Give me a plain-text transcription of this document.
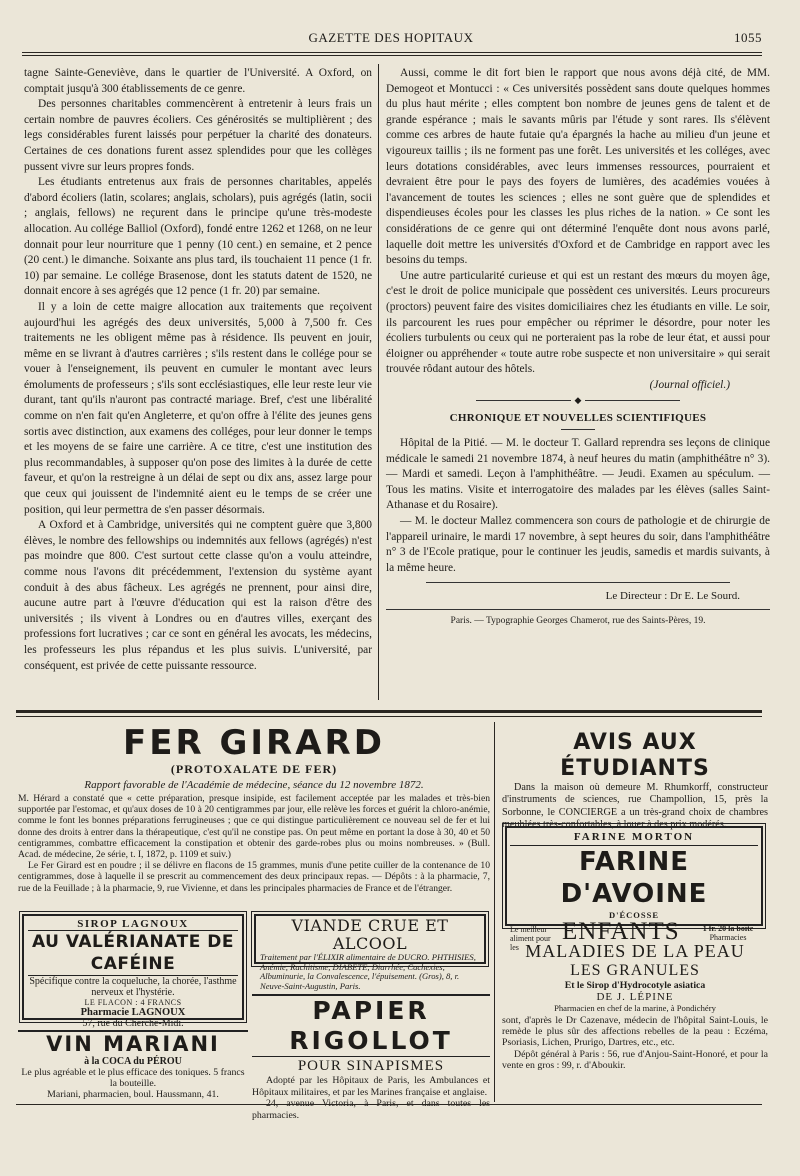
GAZETTE DES HOPITAUX	1055

tagne Sainte-Geneviève, dans le quartier de l'Université. A Oxford, on comptait jusqu'à 300 établissements de ce genre.

Des personnes charitables commencèrent à entretenir à leurs frais un certain nombre de pauvres écoliers. Ces générosités se multiplièrent ; des legs considérables furent laissés pour perpétuer la charité des donateurs. Certaines de ces donations furent assez splendides pour que les collèges pussent vivre sur leurs propres fonds.

Les étudiants entretenus aux frais de personnes charitables, appelés d'abord écoliers (latin, scolares; anglais, scholars), puis agrégés (latin, socii ; anglais, fellows) ne reçurent dans le principe qu'une très-modeste allocation. Au collége Balliol (Oxford), fondé entre 1262 et 1268, on ne leur donnait pour leur nourriture que 1 penny (10 cent.) en semaine, et 2 pence (20 cent.) le dimanche. Soixante ans plus tard, ils touchaient 11 pence (1 fr. 10) par semaine. Le collége Brasenose, dont les statuts datent de 1520, ne donnait encore à ses agrégés que 12 pence (1 fr. 20) par semaine.

Il y a loin de cette maigre allocation aux traitements que reçoivent aujourd'hui les agrégés des deux universités, 5,000 à 7,500 fr. Ces traitements ne les obligent même pas à résidence. Ils peuvent en jouir, même en se livrant à d'autres carrières ; s'ils restent dans le collége pour se vouer à l'enseignement, ils peuvent en cumuler le montant avec leurs émoluments de professeurs ; s'ils sont ecclésiastiques, elle leur reste leur vie durant, tant qu'ils n'auront pas contracté mariage. Bref, c'est une libéralité comme on n'en fait qu'en Angleterre, et qu'on offre à l'élite des jeunes gens sortis avec distinction, aux examens des colléges, pour leur donner le temps et les moyens de se faire une carrière. A ce titre, c'est une institution des plus recommandables, à supposer qu'on pose des limites à la durée de cette faveur, et qu'on la restreigne à un délai de sept ou dix ans, assez large pour que ceux qui jouissent de l'indemnité aient eu le temps de se créer une position, qui leur permettra de s'en passer désormais.

A Oxford et à Cambridge, universités qui ne comptent guère que 3,800 élèves, le nombre des fellowships ou indemnités aux fellows (agrégés) n'est pas moindre que 800. C'est surtout cette classe qu'on a voulu atteindre, comme nous l'avons dit précédemment, l'extension du système ayant conduit à des abus fâcheux. Les agrégés ne prennent, pour ainsi dire, aucune autre part à l'œuvre d'éducation qui est la raison d'être des universités ; ils vivent à Londres ou en d'autres villes, exerçant des professions fort lucratives ; car ce sont en général les avocats, les médecins, les professeurs les plus répandus et les plus suivis. L'université, par conséquent, est privée de cette puissante ressource.

Aussi, comme le dit fort bien le rapport que nous avons déjà cité, de MM. Demogeot et Montucci : « Ces universités possèdent sans doute quelques hommes du plus haut mérite ; elles comptent bon nombre de jeunes gens de talent et de grande espérance ; mais le savants mûris par l'étude y sont rares. Ils s'élèvent comme ces arbres de haute futaie qu'a épargnés la hache au milieu d'un jeune et vigoureux taillis ; ils ne forment pas une forêt. Les universités et les colléges, avec leurs dotations considérables, avec leurs immenses ressources, pourraient et devraient être pour le pays des foyers de lumières, des académies vouées à l'avancement de toutes les sciences ; elles ne sont guère que de splendides et dispendieuses écoles pour les classes les plus riches de la nation. » Ce sont les considérations de ce genre qui ont déterminé l'enquête dont nous avons parlé, laquelle doit mettre les universités d'Oxford et de Cambridge en rapport avec les besoins du temps.

Une autre particularité curieuse et qui est un restant des mœurs du moyen âge, c'est le droit de police municipale que possèdent ces universités. Leurs procureurs (proctors) peuvent faire des visites domiciliaires chez les étudiants en ville. Le soir, ils parcourent les rues pour empêcher ou réprimer le désordre, pour noter les écoliers turbulents ou ceux qui ne porteraient pas la robe de leur état, et aussi pour éloigner ou appréhender « toute autre robe suspecte et non universitaire » qui serait trouvée rôdant autour des hôtels.

(Journal officiel.)

◆

CHRONIQUE ET NOUVELLES SCIENTIFIQUES

Hôpital de la Pitié. — M. le docteur T. Gallard reprendra ses leçons de clinique médicale le samedi 21 novembre 1874, à neuf heures du matin (amphithéâtre n° 3). — Mardi et samedi. Leçon à l'amphithéâtre. — Jeudi. Examen au spéculum. — Tous les matins. Visite et interrogatoire des malades par les élèves (salles Saint-Athanase et du Rosaire).

— M. le docteur Mallez commencera son cours de pathologie et de chirurgie de l'appareil urinaire, le mardi 17 novembre, à sept heures du soir, dans l'amphithéâtre n° 3 de l'Ecole pratique, pour le continuer les jeudis, samedis et mardis suivants, à la même heure.

Le Directeur : Dr E. Le Sourd.

Paris. — Typographie Georges Chamerot, rue des Saints-Pères, 19.

FER GIRARD
(PROTOXALATE DE FER)
Rapport favorable de l'Académie de médecine, séance du 12 novembre 1872.
M. Hérard a constaté que « cette préparation, presque insipide, est facilement acceptée par les malades et très-bien supportée par l'estomac, et qu'aux doses de 10 à 20 centigrammes par jour, elle relève les forces et guérit la chloro-anémie, comme le font les bonnes préparations ferrugineuses ; que ce qui distingue particulièrement ce nouveau sel de fer et lui donne des droits à entrer dans la thérapeutique, c'est qu'il ne constipe pas. On peut même en portant la dose à 30, 40 et 50 centigrammes, combattre efficacement la constipation et obtenir des garde-robes plus ou moins nombreuses. » (Bull. Acad. de médecine, 2e série, t. I, 1872, p. 1109 et suiv.)
Le Fer Girard est en poudre ; il se délivre en flacons de 15 grammes, munis d'une petite cuiller de la contenance de 10 centigrammes, dose à laquelle il se prescrit au commencement des deux principaux repas. — Dépôts : à la pharmacie, 7, rue de la Feuillade ; à la pharmacie, 9, rue Vivienne, et dans les principales pharmacies de France et de l'étranger.
AVIS AUX ÉTUDIANTS
Dans la maison où demeure M. Rhumkorff, constructeur d'instruments de sciences, rue Champollion, 15, près la Sorbonne, le CONCIERGE a un très-grand choix de chambres meublées très-confortables, à louer à des prix modérés.
FARINE MORTON
FARINE D'AVOINE
D'ÉCOSSE
Le meilleur aliment pour les
ENFANTS	1 fr. 20 la boîte
Pharmacies
SIROP LAGNOUX
AU VALÉRIANATE DE CAFÉINE
Spécifique contre la coqueluche, la chorée, l'asthme nerveux et l'hystérie.
LE FLACON : 4 FRANCS
Pharmacie LAGNOUX
57, rue du Cherche-Midi.
VIANDE CRUE ET ALCOOL
Traitement par l'ÉLIXIR alimentaire de DUCRO. PHTHISIES, Anémie, Rachitisme, DIABÈTE, Diarrhée, Cachexies, Albuminurie, la Convalescence, l'épuisement. (Gros), 8, r. Neuve-Saint-Augustin, Paris.
PAPIER RIGOLLOT
POUR SINAPISMES
Adopté par les Hôpitaux de Paris, les Ambulances et Hôpitaux militaires, et par les Marines française et anglaise.
24, avenue Victoria, à Paris, et dans toutes les pharmacies.
VIN MARIANI
à la COCA du PÉROU
Le plus agréable et le plus efficace des toniques. 5 francs la bouteille.
Mariani, pharmacien, boul. Haussmann, 41.
MALADIES DE LA PEAU
LES GRANULES
Et le Sirop d'Hydrocotyle asiatica
DE J. LÉPINE
Pharmacien en chef de la marine, à Pondichéry
sont, d'après le Dr Cazenave, médecin de l'hôpital Saint-Louis, le remède le plus sûr des affections rebelles de la peau : Eczéma, Psoriasis, Lichen, Prurigo, Dartres, etc., etc.
Dépôt général à Paris : 56, rue d'Anjou-Saint-Honoré, et pour la vente en gros : 99, r. d'Aboukir.
